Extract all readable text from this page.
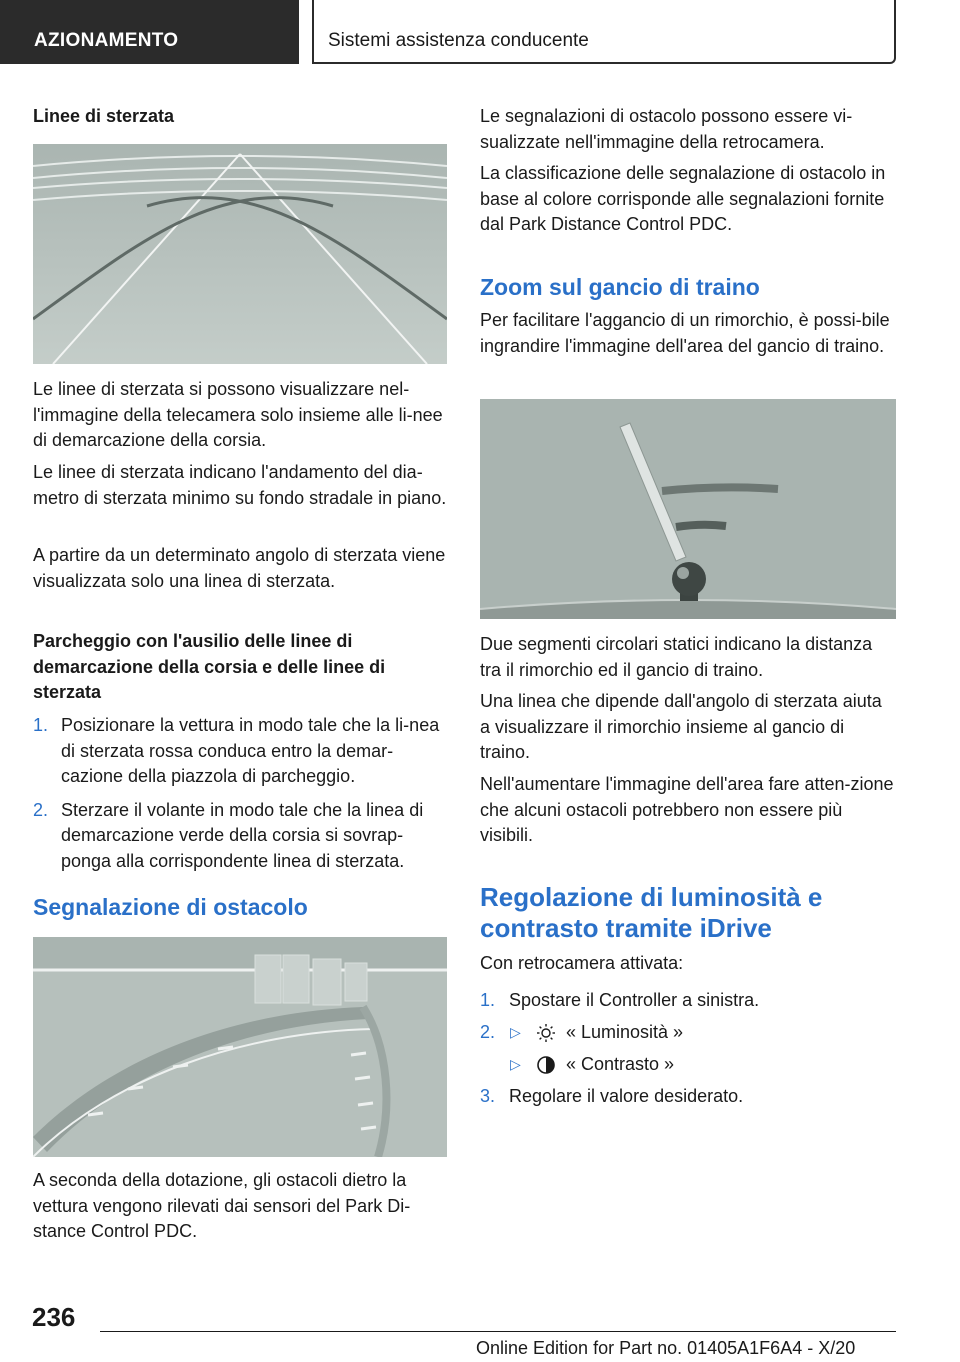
AZIONAMENTO	Sistemi assistenza conducente
Linee di sterzata

Le linee di sterzata si possono visualizzare nel-l'immagine della telecamera solo insieme alle li-nee di demarcazione della corsia.

Le linee di sterzata indicano l'andamento del dia-metro di sterzata minimo su fondo stradale in piano.

A partire da un determinato angolo di sterzata viene visualizzata solo una linea di sterzata.

Parcheggio con l'ausilio delle linee di demarcazione della corsia e delle linee di sterzata
1. Posizionare la vettura in modo tale che la li-nea di sterzata rossa conduca entro la demar-cazione della piazzola di parcheggio.
2. Sterzare il volante in modo tale che la linea di demarcazione verde della corsia si sovrap-ponga alla corrispondente linea di sterzata.
Segnalazione di ostacolo

A seconda della dotazione, gli ostacoli dietro la vettura vengono rilevati dai sensori del Park Di-stance Control PDC.

Le segnalazioni di ostacolo possono essere vi-sualizzate nell'immagine della retrocamera.

La classificazione delle segnalazione di ostacolo in base al colore corrisponde alle segnalazioni fornite dal Park Distance Control PDC.

Zoom sul gancio di traino

Per facilitare l'aggancio di un rimorchio, è possi-bile ingrandire l'immagine dell'area del gancio di traino.

Due segmenti circolari statici indicano la distanza tra il rimorchio ed il gancio di traino.

Una linea che dipende dall'angolo di sterzata aiuta a visualizzare il rimorchio insieme al gancio di traino.

Nell'aumentare l'immagine dell'area fare atten-zione che alcuni ostacoli potrebbero non essere più visibili.

Regolazione di luminosità e contrasto tramite iDrive

Con retrocamera attivata:

1. Spostare il Controller a sinistra.
2. ▷	« Luminosità »
▷	« Contrasto »
3. Regolare il valore desiderato.
236
Online Edition for Part no. 01405A1F6A4 - X/20
